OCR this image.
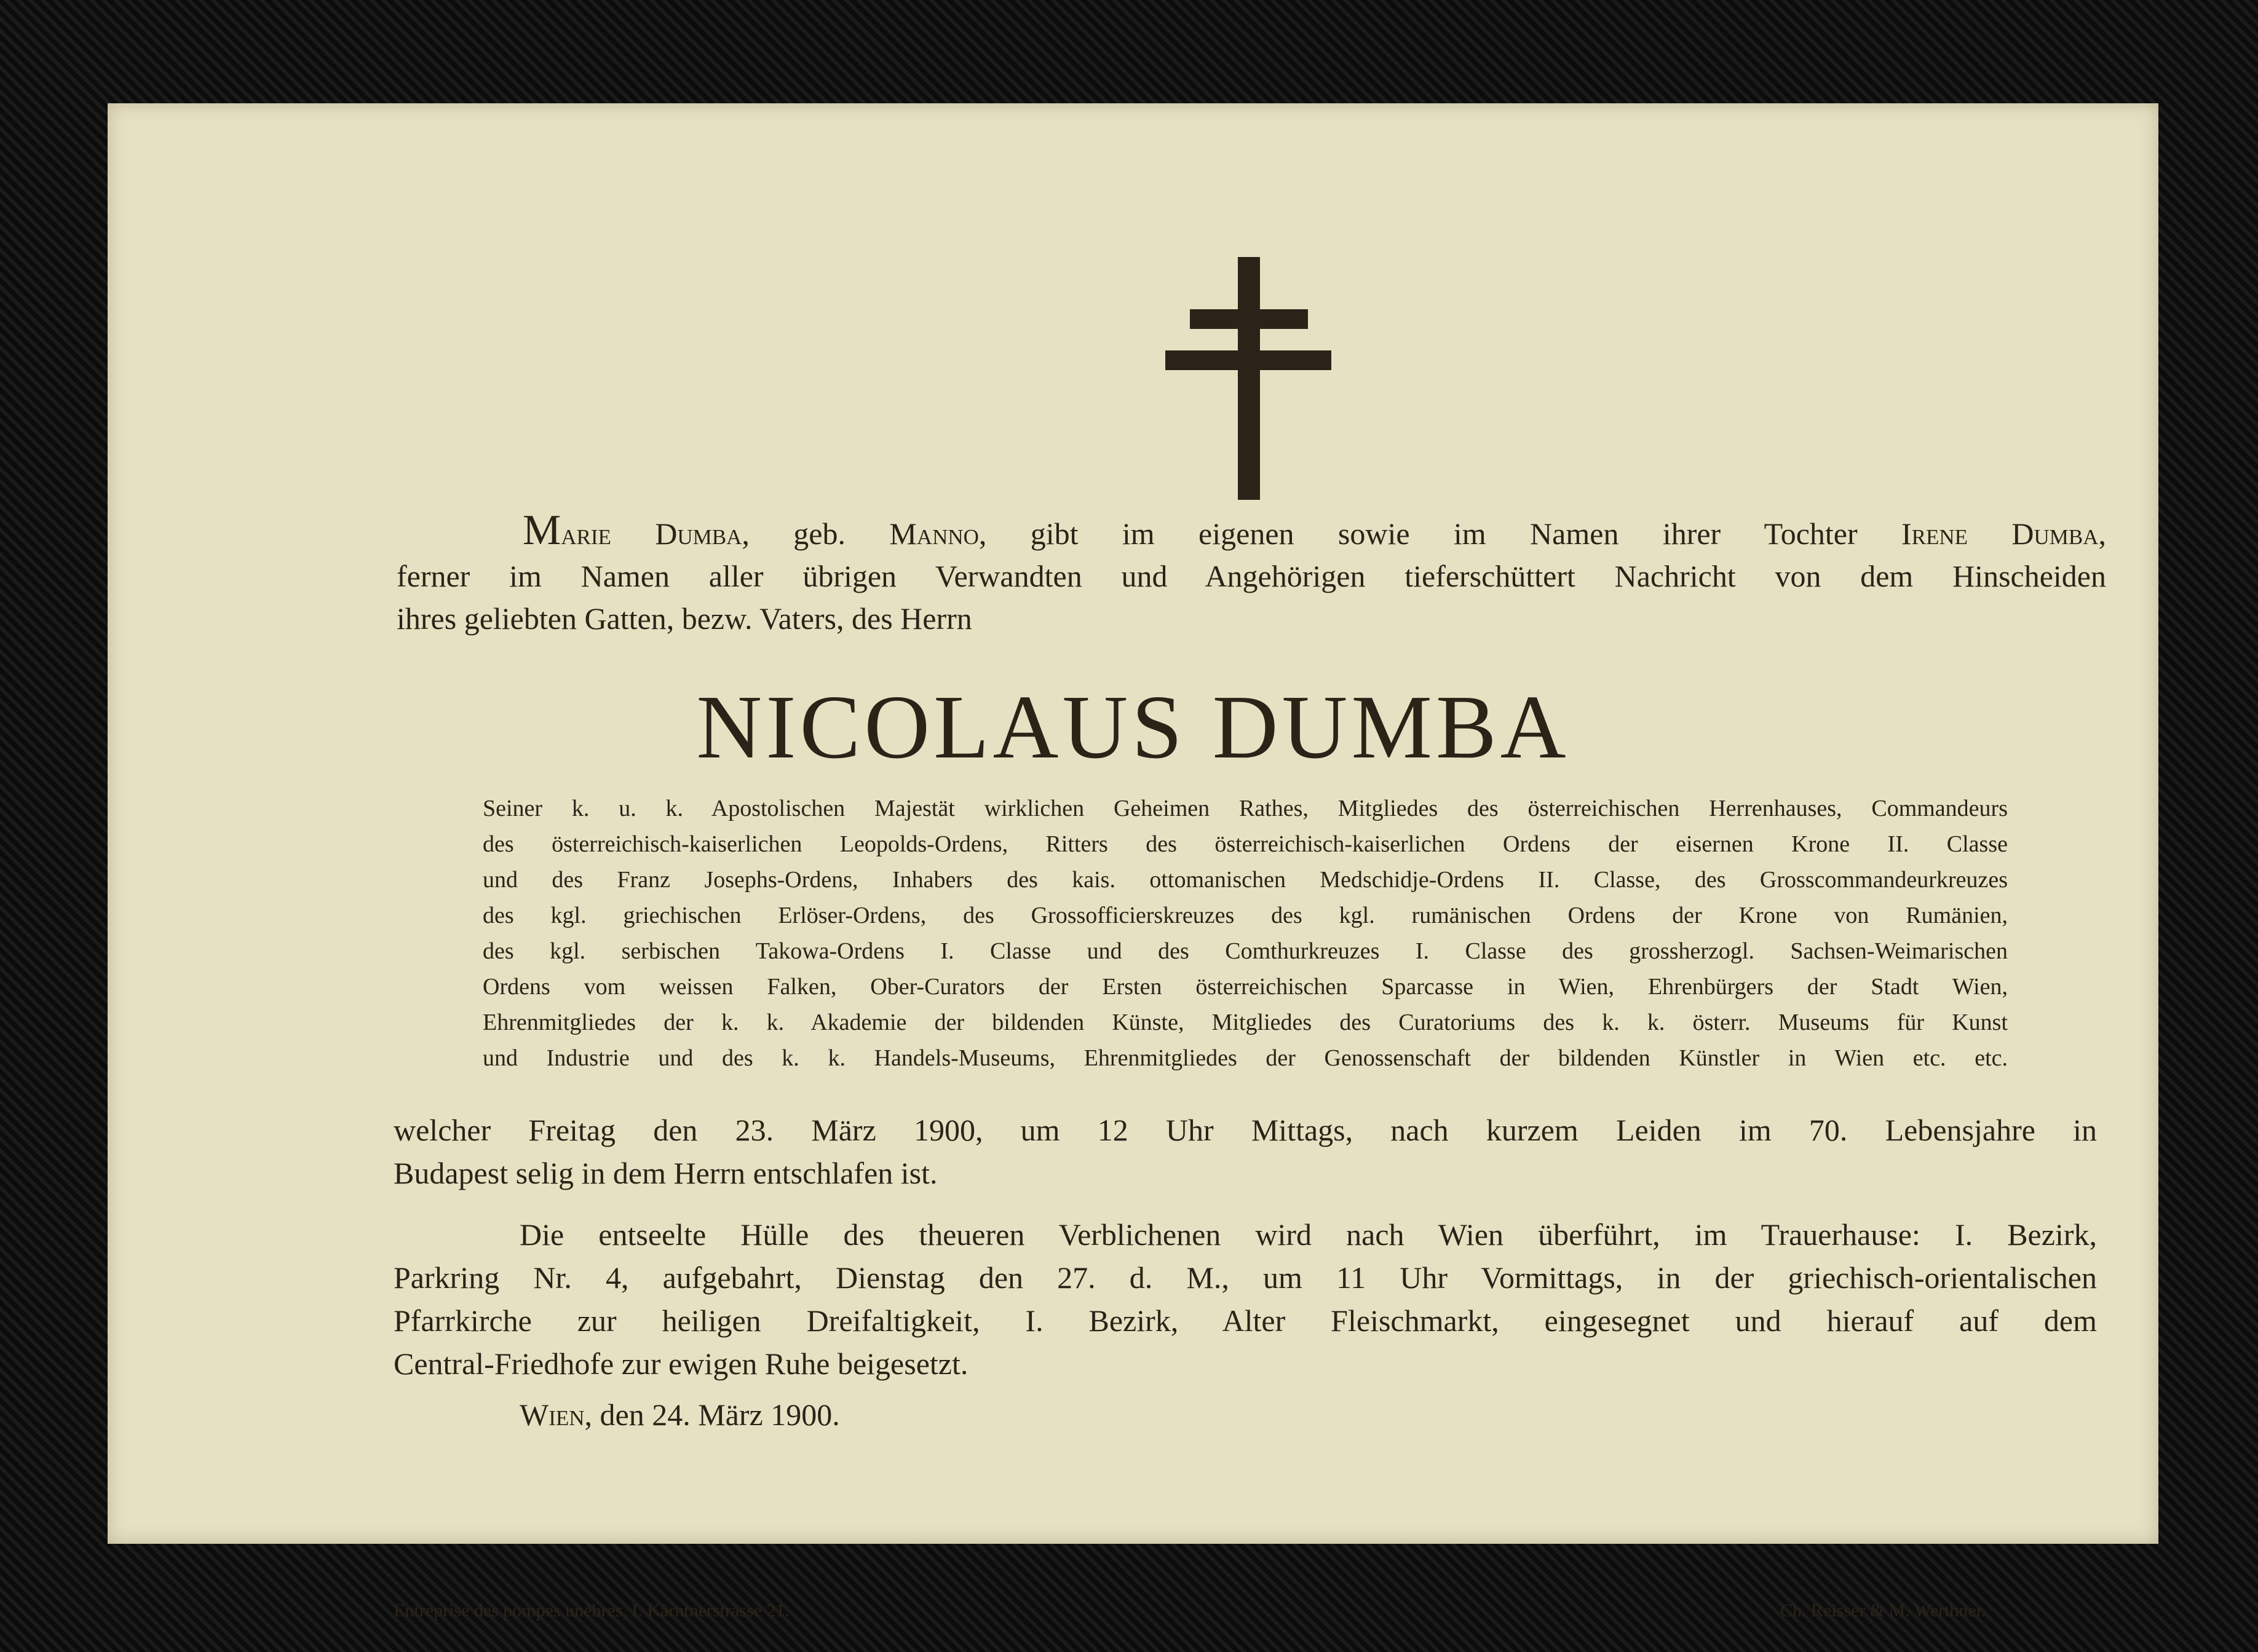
Marie Dumba, geb. Manno, gibt im eigenen sowie im Namen ihrer Tochter Irene Dumba,
ferner im Namen aller übrigen Verwandten und Angehörigen tieferschüttert Nachricht von dem Hinscheiden
ihres geliebten Gatten, bezw. Vaters, des Herrn
NICOLAUS DUMBA
Seiner k. u. k. Apostolischen Majestät wirklichen Geheimen Rathes, Mitgliedes des österreichischen Herrenhauses, Commandeurs
des österreichisch-kaiserlichen Leopolds-Ordens, Ritters des österreichisch-kaiserlichen Ordens der eisernen Krone II. Classe
und des Franz Josephs-Ordens, Inhabers des kais. ottomanischen Medschidje-Ordens II. Classe, des Grosscommandeurkreuzes
des kgl. griechischen Erlöser-Ordens, des Grossofficierskreuzes des kgl. rumänischen Ordens der Krone von Rumänien,
des kgl. serbischen Takowa-Ordens I. Classe und des Comthurkreuzes I. Classe des grossherzogl. Sachsen-Weimarischen
Ordens vom weissen Falken, Ober-Curators der Ersten österreichischen Sparcasse in Wien, Ehrenbürgers der Stadt Wien,
Ehrenmitgliedes der k. k. Akademie der bildenden Künste, Mitgliedes des Curatoriums des k. k. österr. Museums für Kunst
und Industrie und des k. k. Handels-Museums, Ehrenmitgliedes der Genossenschaft der bildenden Künstler in Wien etc. etc.
welcher Freitag den 23. März 1900, um 12 Uhr Mittags, nach kurzem Leiden im 70. Lebensjahre in
Budapest selig in dem Herrn entschlafen ist.
Die entseelte Hülle des theueren Verblichenen wird nach Wien überführt, im Trauerhause: I. Bezirk,
Parkring Nr. 4, aufgebahrt, Dienstag den 27. d. M., um 11 Uhr Vormittags, in der griechisch-orientalischen
Pfarrkirche zur heiligen Dreifaltigkeit, I. Bezirk, Alter Fleischmarkt, eingesegnet und hierauf auf dem
Central-Friedhofe zur ewigen Ruhe beigesetzt.
Wien, den 24. März 1900.
Entreprise des pompes unèbres, I. Kärntnerstrasse 21.	Ch. Reisser & M. Werthner.
